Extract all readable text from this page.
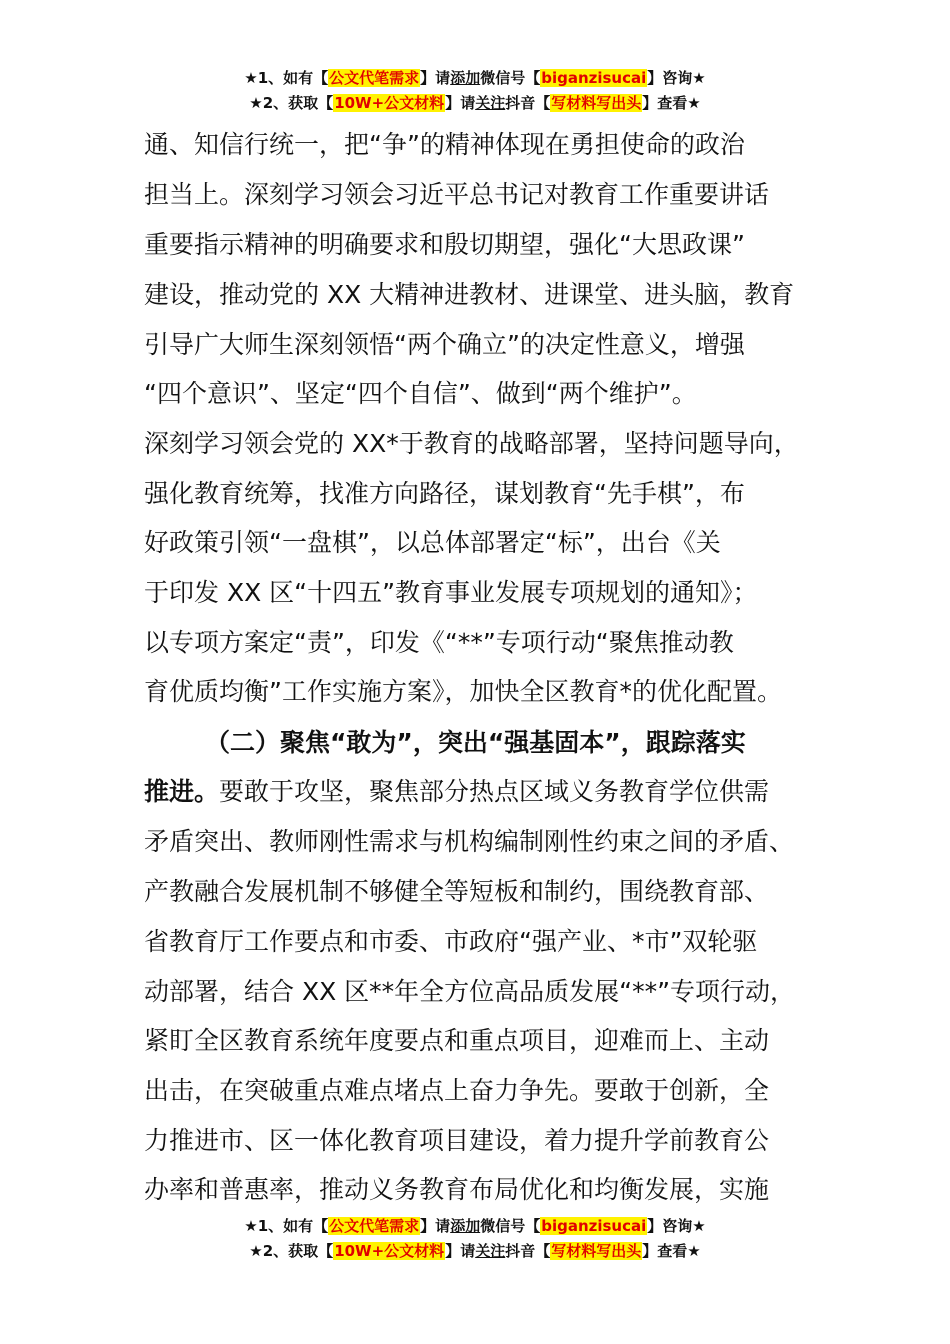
★1、如有【公文代笔需求】请添加微信号【biganzisucai】咨询★
★2、获取【10W+公文材料】请关注抖音【写材料写出头】查看★
通、知信行统一，把“争”的精神体现在勇担使命的政治
担当上。深刻学习领会习近平总书记对教育工作重要讲话
重要指示精神的明确要求和殷切期望，强化“大思政课”
建设，推动党的 XX 大精神进教材、进课堂、进头脑，教育
引导广大师生深刻领悟“两个确立”的决定性意义，增强
“四个意识”、坚定“四个自信”、做到“两个维护”。
深刻学习领会党的 XX*于教育的战略部署，坚持问题导向，
强化教育统筹，找准方向路径，谋划教育“先手棋”，布
好政策引领“一盘棋”，以总体部署定“标”，出台《关
于印发 XX 区“十四五”教育事业发展专项规划的通知》；
以专项方案定“责”，印发《“**”专项行动“聚焦推动教
育优质均衡”工作实施方案》，加快全区教育*的优化配置。
（二）聚焦“敢为”，突出“强基固本”，跟踪落实
推进。要敢于攻坚，聚焦部分热点区域义务教育学位供需
矛盾突出、教师刚性需求与机构编制刚性约束之间的矛盾、
产教融合发展机制不够健全等短板和制约，围绕教育部、
省教育厅工作要点和市委、市政府“强产业、*市”双轮驱
动部署，结合 XX 区**年全方位高品质发展“**”专项行动，
紧盯全区教育系统年度要点和重点项目，迎难而上、主动
出击，在突破重点难点堵点上奋力争先。要敢于创新，全
力推进市、区一体化教育项目建设，着力提升学前教育公
办率和普惠率，推动义务教育布局优化和均衡发展，实施
★1、如有【公文代笔需求】请添加微信号【biganzisucai】咨询★
★2、获取【10W+公文材料】请关注抖音【写材料写出头】查看★
